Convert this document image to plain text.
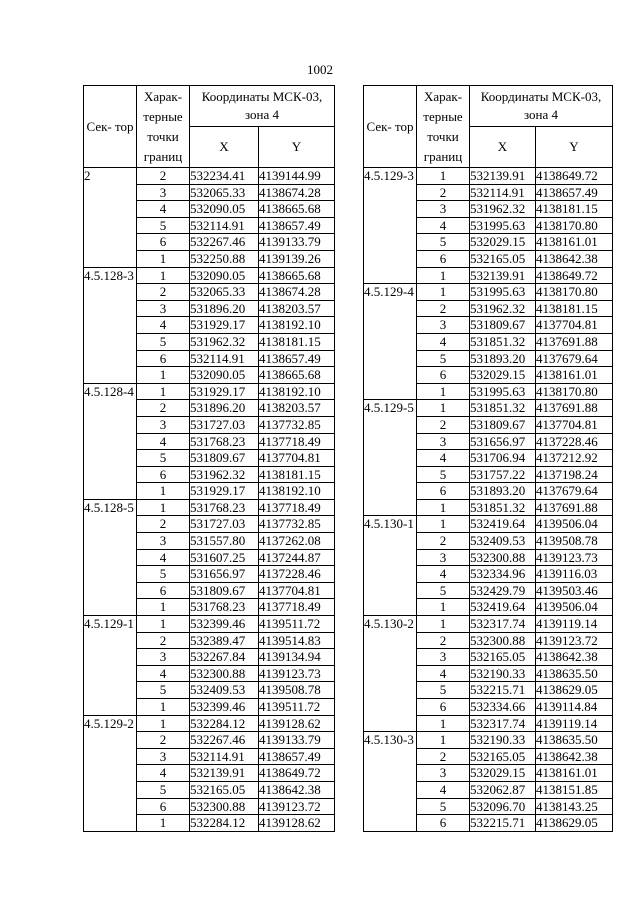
1002
Сек- тор	Харак- терные точки границ	Координаты МСК-03, зона 4	
		X	Y
2	2	532234.41	4139144.99
	3	532065.33	4138674.28
	4	532090.05	4138665.68
	5	532114.91	4138657.49
	6	532267.46	4139133.79
	1	532250.88	4139139.26
4.5.128-3	1	532090.05	4138665.68
	2	532065.33	4138674.28
	3	531896.20	4138203.57
	4	531929.17	4138192.10
	5	531962.32	4138181.15
	6	532114.91	4138657.49
	1	532090.05	4138665.68
4.5.128-4	1	531929.17	4138192.10
	2	531896.20	4138203.57
	3	531727.03	4137732.85
	4	531768.23	4137718.49
	5	531809.67	4137704.81
	6	531962.32	4138181.15
	1	531929.17	4138192.10
4.5.128-5	1	531768.23	4137718.49
	2	531727.03	4137732.85
	3	531557.80	4137262.08
	4	531607.25	4137244.87
	5	531656.97	4137228.46
	6	531809.67	4137704.81
	1	531768.23	4137718.49
4.5.129-1	1	532399.46	4139511.72
	2	532389.47	4139514.83
	3	532267.84	4139134.94
	4	532300.88	4139123.73
	5	532409.53	4139508.78
	1	532399.46	4139511.72
4.5.129-2	1	532284.12	4139128.62
	2	532267.46	4139133.79
	3	532114.91	4138657.49
	4	532139.91	4138649.72
	5	532165.05	4138642.38
	6	532300.88	4139123.72
	1	532284.12	4139128.62
Сек- тор	Харак- терные точки границ	Координаты МСК-03, зона 4	
		X	Y
4.5.129-3	1	532139.91	4138649.72
	2	532114.91	4138657.49
	3	531962.32	4138181.15
	4	531995.63	4138170.80
	5	532029.15	4138161.01
	6	532165.05	4138642.38
	1	532139.91	4138649.72
4.5.129-4	1	531995.63	4138170.80
	2	531962.32	4138181.15
	3	531809.67	4137704.81
	4	531851.32	4137691.88
	5	531893.20	4137679.64
	6	532029.15	4138161.01
	1	531995.63	4138170.80
4.5.129-5	1	531851.32	4137691.88
	2	531809.67	4137704.81
	3	531656.97	4137228.46
	4	531706.94	4137212.92
	5	531757.22	4137198.24
	6	531893.20	4137679.64
	1	531851.32	4137691.88
4.5.130-1	1	532419.64	4139506.04
	2	532409.53	4139508.78
	3	532300.88	4139123.73
	4	532334.96	4139116.03
	5	532429.79	4139503.46
	1	532419.64	4139506.04
4.5.130-2	1	532317.74	4139119.14
	2	532300.88	4139123.72
	3	532165.05	4138642.38
	4	532190.33	4138635.50
	5	532215.71	4138629.05
	6	532334.66	4139114.84
	1	532317.74	4139119.14
4.5.130-3	1	532190.33	4138635.50
	2	532165.05	4138642.38
	3	532029.15	4138161.01
	4	532062.87	4138151.85
	5	532096.70	4138143.25
	6	532215.71	4138629.05
